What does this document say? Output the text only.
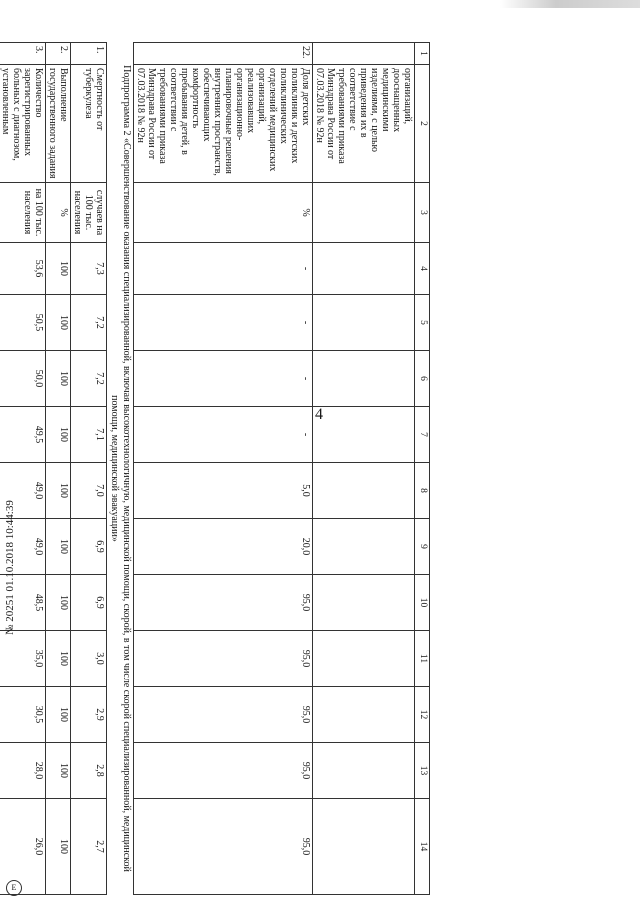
4
1	2	3	4	5	6	7	8	9	10	11	12	13	14
	организаций, дооснащенных медицинскими изделиями, с целью приведения их в соответствие с требованиями приказа Минздрава России от 07.03.2018 № 92н												
22.	Доля детских поликлиник и детских поликлинических отделений медицинских организаций, реализовавших организационно-планировочные решения внутренних пространств, обеспечивающих комфортность пребывания детей, в соответствии с требованиями приказа Минздрава России от 07.03.2018 № 92н	%	-	-	-	-	5,0	20,0	95,0	95,0	95,0	95,0	95,0
Подпрограмма 2 «Совершенствование оказания специализированной, включая высокотехнологичную, медицинской помощи, скорой, в том числе скорой специализированной, медицинской помощи, медицинской эвакуации»													
1.	Смертность от туберкулеза	случаев на 100 тыс. населения	7,3	7,2	7,2	7,1	7,0	6,9	6,9	3,0	2,9	2,8	2,7
2.	Выполнение государственного задания	%	100	100	100	100	100	100	100	100	100	100	100
3.	Количество зарегистрированных больных с диагнозом, установленным	на 100 тыс. населения	53,6	50,5	50,0	49,5	49,0	49,0	48,5	35,0	30,5	28,0	26,0
№ 20251 01.10.2018 10:44:39
Е
